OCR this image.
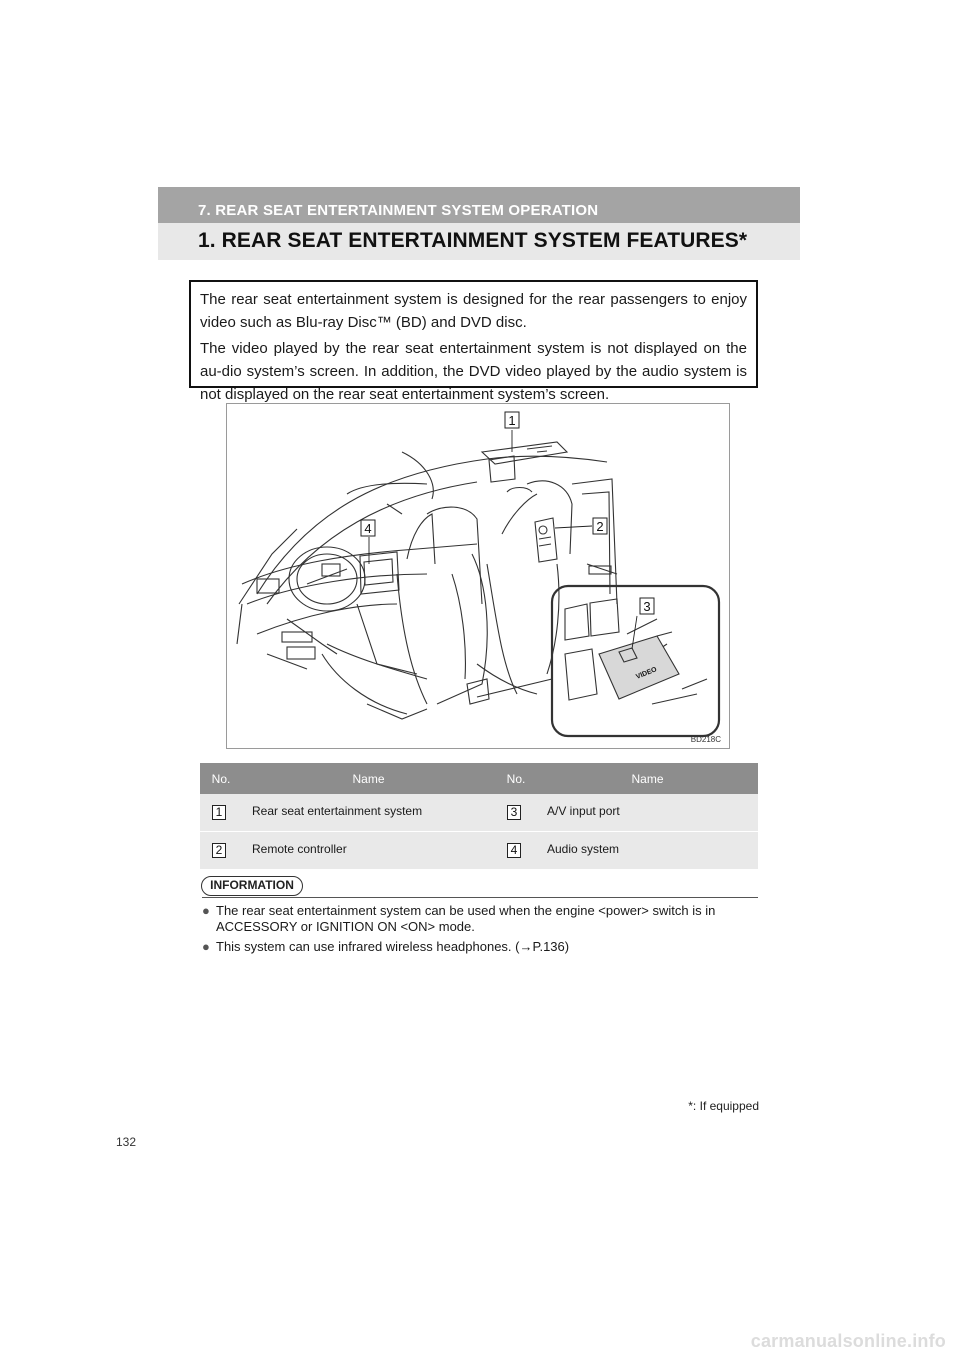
7. REAR SEAT ENTERTAINMENT SYSTEM OPERATION
1. REAR SEAT ENTERTAINMENT SYSTEM FEATURES*

The rear seat entertainment system is designed for the rear passengers to enjoy video such as Blu-ray Disc™ (BD) and DVD disc.

The video played by the rear seat entertainment system is not displayed on the au-dio system’s screen. In addition, the DVD video played by the audio system is not displayed on the rear seat entertainment system’s screen.

1
2
3
4
VIDEO
BD218C
No.	Name	No.	Name

1	Rear seat entertainment system	3	A/V input port

2	Remote controller	4	Audio system
INFORMATION
● The rear seat entertainment system can be used when the engine <power> switch is in ACCESSORY or IGNITION ON <ON> mode.
● This system can use infrared wireless headphones. (→P.136)
*: If equipped
132
carmanualsonline.info
